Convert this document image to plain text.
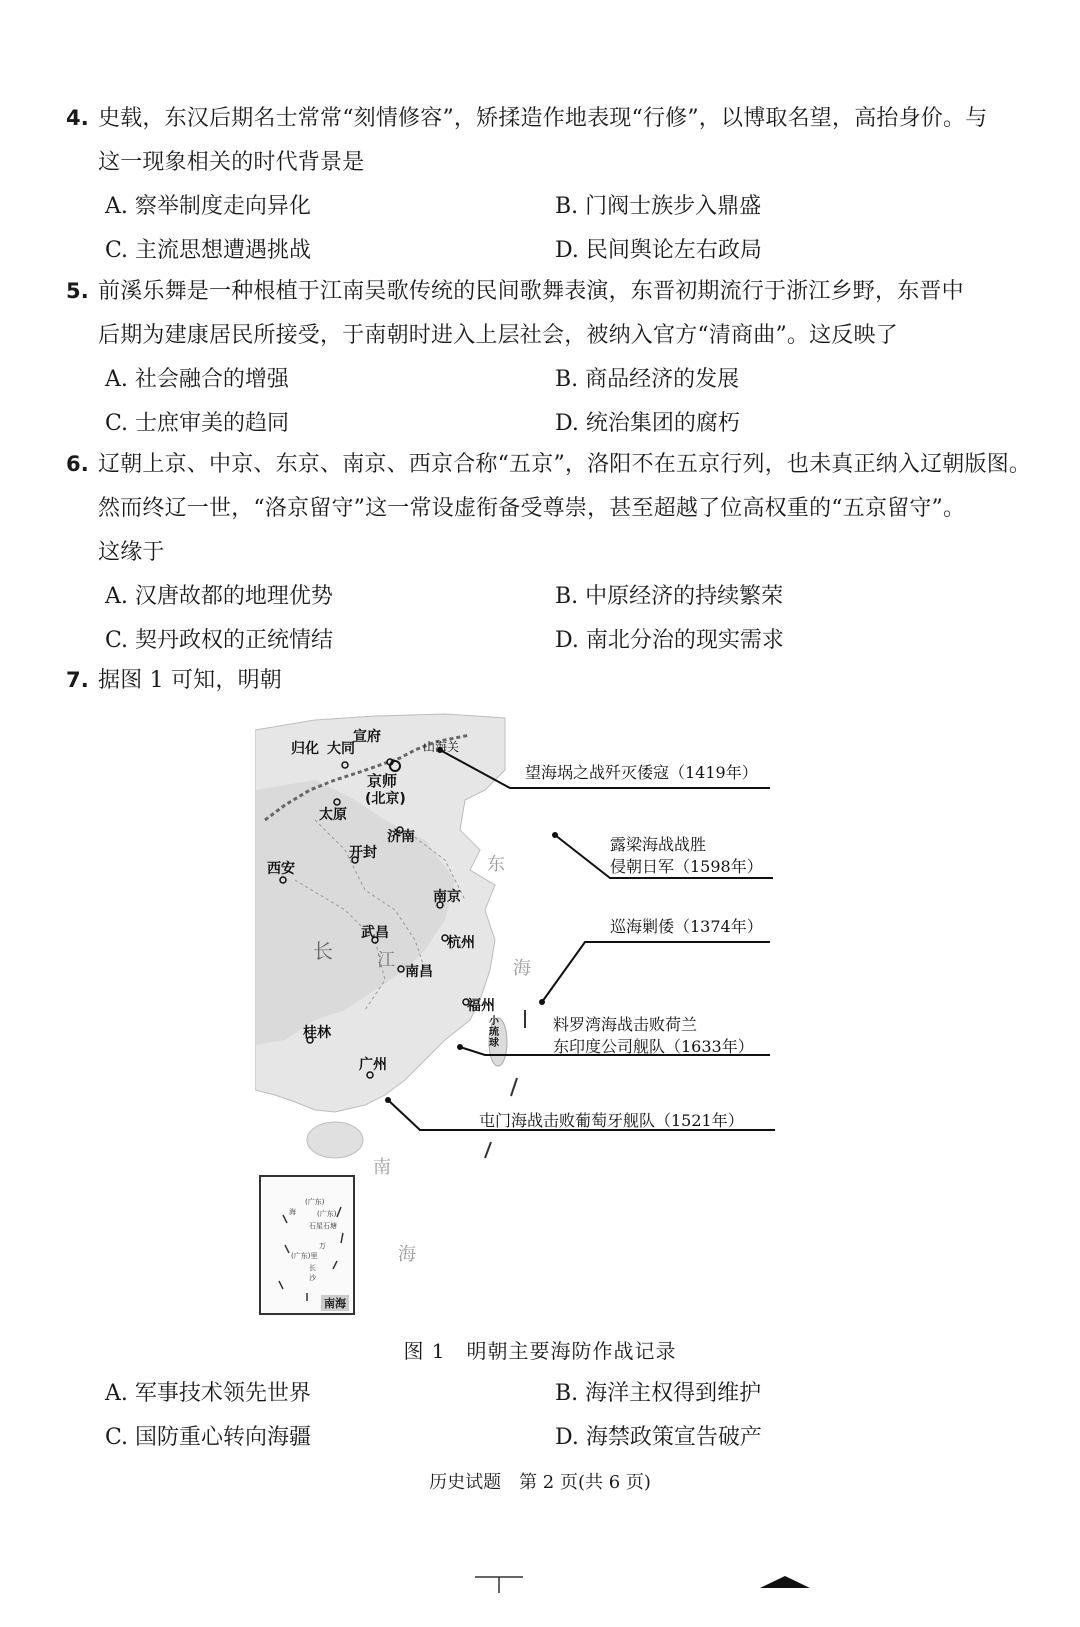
4. 史载，东汉后期名士常常“刻情修容”，矫揉造作地表现“行修”，以博取名望，高抬身价。与
这一现象相关的时代背景是
A. 察举制度走向异化	B. 门阀士族步入鼎盛
C. 主流思想遭遇挑战	D. 民间舆论左右政局
5. 前溪乐舞是一种根植于江南吴歌传统的民间歌舞表演，东晋初期流行于浙江乡野，东晋中
后期为建康居民所接受，于南朝时进入上层社会，被纳入官方“清商曲”。这反映了
A. 社会融合的增强	B. 商品经济的发展
C. 士庶审美的趋同	D. 统治集团的腐朽
6. 辽朝上京、中京、东京、南京、西京合称“五京”，洛阳不在五京行列，也未真正纳入辽朝版图。
然而终辽一世，“洛京留守”这一常设虚衔备受尊崇，甚至超越了位高权重的“五京留守”。
这缘于
A. 汉唐故都的地理优势	B. 中原经济的持续繁荣
C. 契丹政权的正统情结	D. 南北分治的现实需求
7. 据图 1 可知，明朝
宣府
归化 大同	山海关
京师
(北京)
太原
济南
开封
西安
南京
武昌
杭州
南昌
福州
桂林
广州
小琉球
东
长 江	海
南
海
望海埚之战歼灭倭寇（1419年）
露梁海战战胜
侵朝日军（1598年）
巡海剿倭（1374年）
料罗湾海战击败荷兰
东印度公司舰队（1633年）
屯门海战击败葡萄牙舰队（1521年）
(广东)
海	(广东)
石星石塘
万
(广东)里
长
沙
南海
图 1　明朝主要海防作战记录
A. 军事技术领先世界	B. 海洋主权得到维护
C. 国防重心转向海疆	D. 海禁政策宣告破产
历史试题　第 2 页(共 6 页)
